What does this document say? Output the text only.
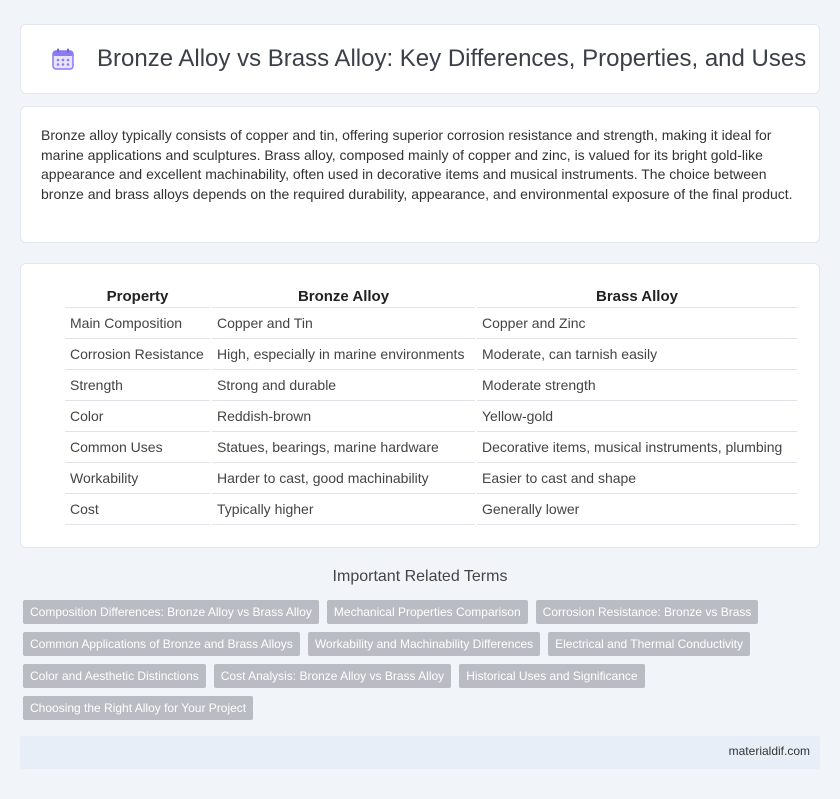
Bronze Alloy vs Brass Alloy: Key Differences, Properties, and Uses

Bronze alloy typically consists of copper and tin, offering superior corrosion resistance and strength, making it ideal for marine applications and sculptures. Brass alloy, composed mainly of copper and zinc, is valued for its bright gold-like appearance and excellent machinability, often used in decorative items and musical instruments. The choice between bronze and brass alloys depends on the required durability, appearance, and environmental exposure of the final product.

Property	Bronze Alloy	Brass Alloy
Main Composition	Copper and Tin	Copper and Zinc
Corrosion Resistance	High, especially in marine environments	Moderate, can tarnish easily
Strength	Strong and durable	Moderate strength
Color	Reddish-brown	Yellow-gold
Common Uses	Statues, bearings, marine hardware	Decorative items, musical instruments, plumbing
Workability	Harder to cast, good machinability	Easier to cast and shape
Cost	Typically higher	Generally lower
Important Related Terms
Composition Differences: Bronze Alloy vs Brass Alloy	Mechanical Properties Comparison	Corrosion Resistance: Bronze vs Brass
Common Applications of Bronze and Brass Alloys	Workability and Machinability Differences	Electrical and Thermal Conductivity
Color and Aesthetic Distinctions	Cost Analysis: Bronze Alloy vs Brass Alloy	Historical Uses and Significance
Choosing the Right Alloy for Your Project
materialdif.com
